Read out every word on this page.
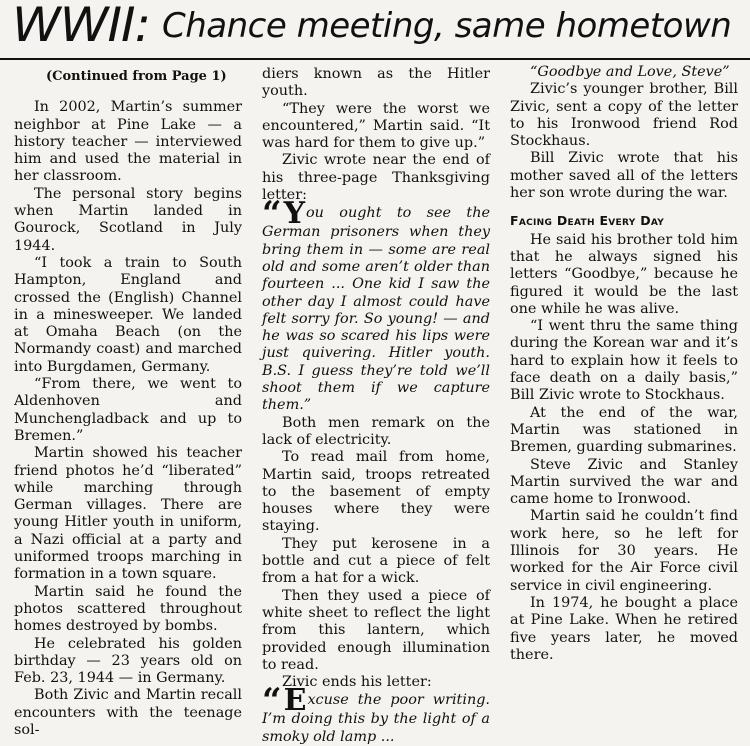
WWII: Chance meeting, same hometown

(Continued from Page 1)

In 2002, Martin’s summer neighbor at Pine Lake — a history teacher — interviewed him and used the material in her classroom.

The personal story begins when Martin landed in Gourock, Scotland in July 1944.

“I took a train to South Hampton, England and crossed the (English) Channel in a minesweeper. We landed at Omaha Beach (on the Normandy coast) and marched into Burgdamen, Germany.

“From there, we went to Aldenhoven and Munchengladback and up to Bremen.”

Martin showed his teacher friend photos he’d “liberated” while marching through German villages. There are young Hitler youth in uniform, a Nazi official at a party and uniformed troops marching in formation in a town square.

Martin said he found the photos scattered throughout homes destroyed by bombs.

He celebrated his golden birthday — 23 years old on Feb. 23, 1944 — in Germany.

Both Zivic and Martin recall encounters with the teenage sol-

diers known as the Hitler youth.

“They were the worst we encountered,” Martin said. “It was hard for them to give up.”

Zivic wrote near the end of his three-page Thanksgiving letter:

“You ought to see the German prisoners when they bring them in — some are real old and some aren’t older than fourteen ... One kid I saw the other day I almost could have felt sorry for. So young! — and he was so scared his lips were just quivering. Hitler youth. B.S. I guess they’re told we’ll shoot them if we capture them.”

Both men remark on the lack of electricity.

To read mail from home, Martin said, troops retreated to the basement of empty houses where they were staying.

They put kerosene in a bottle and cut a piece of felt from a hat for a wick.

Then they used a piece of white sheet to reflect the light from this lantern, which provided enough illumination to read.

Zivic ends his letter:

“Excuse the poor writing. I’m doing this by the light of a smoky old lamp ...

“Goodbye and Love, Steve”

Zivic’s younger brother, Bill Zivic, sent a copy of the letter to his Ironwood friend Rod Stockhaus.

Bill Zivic wrote that his mother saved all of the letters her son wrote during the war.

Facing Death Every Day

He said his brother told him that he always signed his letters “Goodbye,” because he figured it would be the last one while he was alive.

“I went thru the same thing during the Korean war and it’s hard to explain how it feels to face death on a daily basis,” Bill Zivic wrote to Stockhaus.

At the end of the war, Martin was stationed in Bremen, guarding submarines.

Steve Zivic and Stanley Martin survived the war and came home to Ironwood.

Martin said he couldn’t find work here, so he left for Illinois for 30 years. He worked for the Air Force civil service in civil engineering.

In 1974, he bought a place at Pine Lake. When he retired five years later, he moved there.
